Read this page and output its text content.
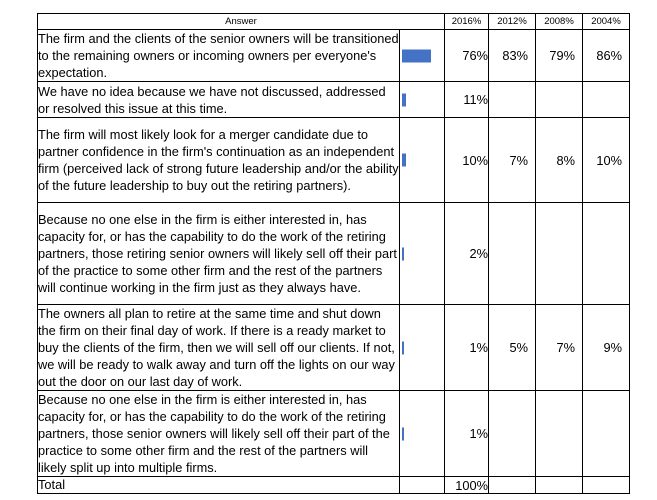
Answer		2016%	2012%	2008%	2004%
The firm and the clients of the senior owners will be transitioned to the remaining owners or incoming owners per everyone's expectation.		76%	83%	79%	86%
We have no idea because we have not discussed, addressed or resolved this issue at this time.		11%			
The firm will most likely look for a merger candidate due to partner confidence in the firm's continuation as an independent firm (perceived lack of strong future leadership and/or the ability of the future leadership to buy out the retiring partners).		10%	7%	8%	10%
Because no one else in the firm is either interested in, has capacity for, or has the capability to do the work of the retiring partners, those retiring senior owners will likely sell off their part of the practice to some other firm and the rest of the partners will continue working in the firm just as they always have.		2%			
The owners all plan to retire at the same time and shut down the firm on their final day of work. If there is a ready market to buy the clients of the firm, then we will sell off our clients. If not, we will be ready to walk away and turn off the lights on our way out the door on our last day of work.		1%	5%	7%	9%
Because no one else in the firm is either interested in, has capacity for, or has the capability to do the work of the retiring partners, those senior owners will likely sell off their part of the practice to some other firm and the rest of the partners will likely split up into multiple firms.		1%			
Total		100%			
